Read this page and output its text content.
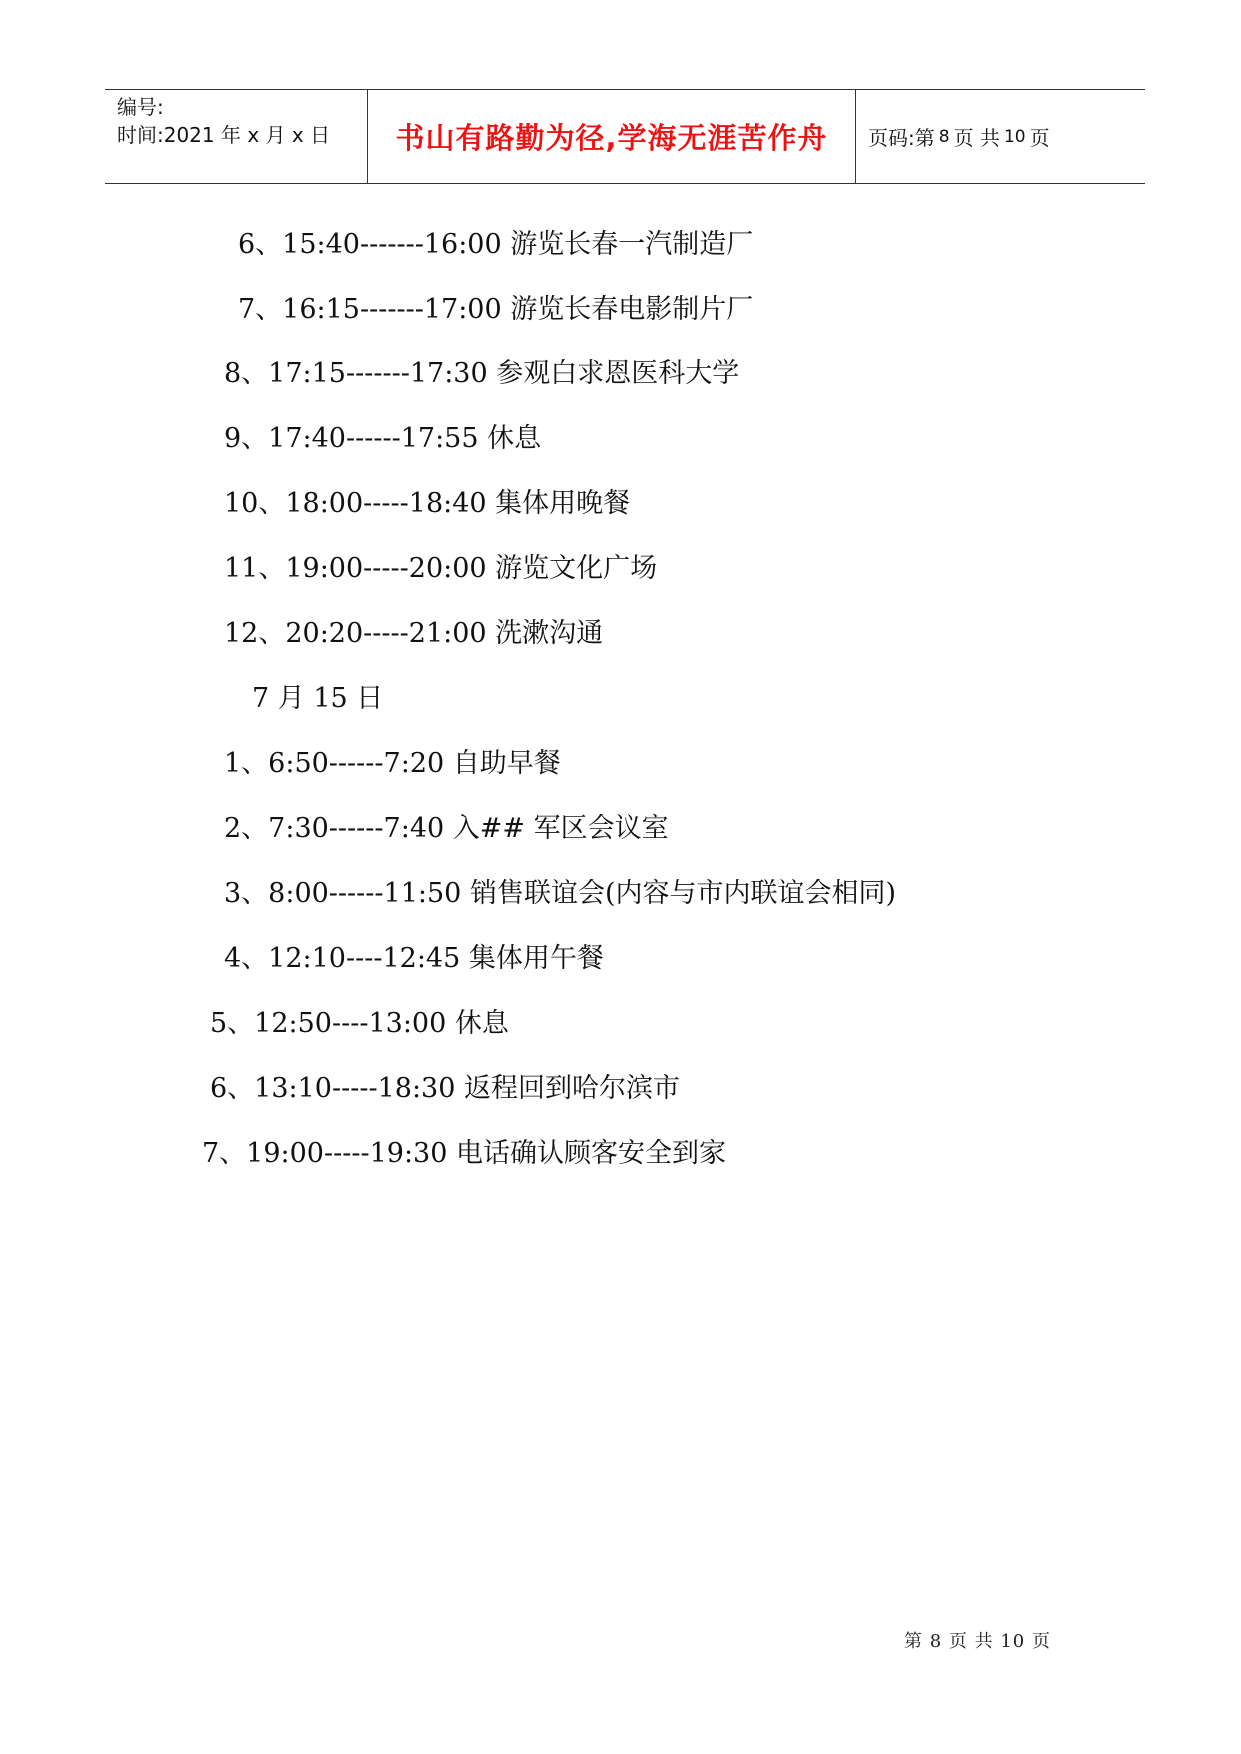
编号:
时间:2021 年 x 月 x 日	书山有路勤为径,学海无涯苦作舟 页码:第 8 页 共 10 页
6、15:40-------16:00 游览长春一汽制造厂
7、16:15-------17:00 游览长春电影制片厂
8、17:15-------17:30 参观白求恩医科大学
9、17:40------17:55 休息
10、18:00-----18:40 集体用晚餐
11、19:00-----20:00 游览文化广场
12、20:20-----21:00 洗漱沟通
7 月 15 日
1、6:50------7:20 自助早餐
2、7:30------7:40 入## 军区会议室
3、8:00------11:50 销售联谊会(内容与市内联谊会相同)
4、12:10----12:45 集体用午餐
5、12:50----13:00 休息
6、13:10-----18:30 返程回到哈尔滨市
7、19:00-----19:30 电话确认顾客安全到家
第 8 页 共 10 页
